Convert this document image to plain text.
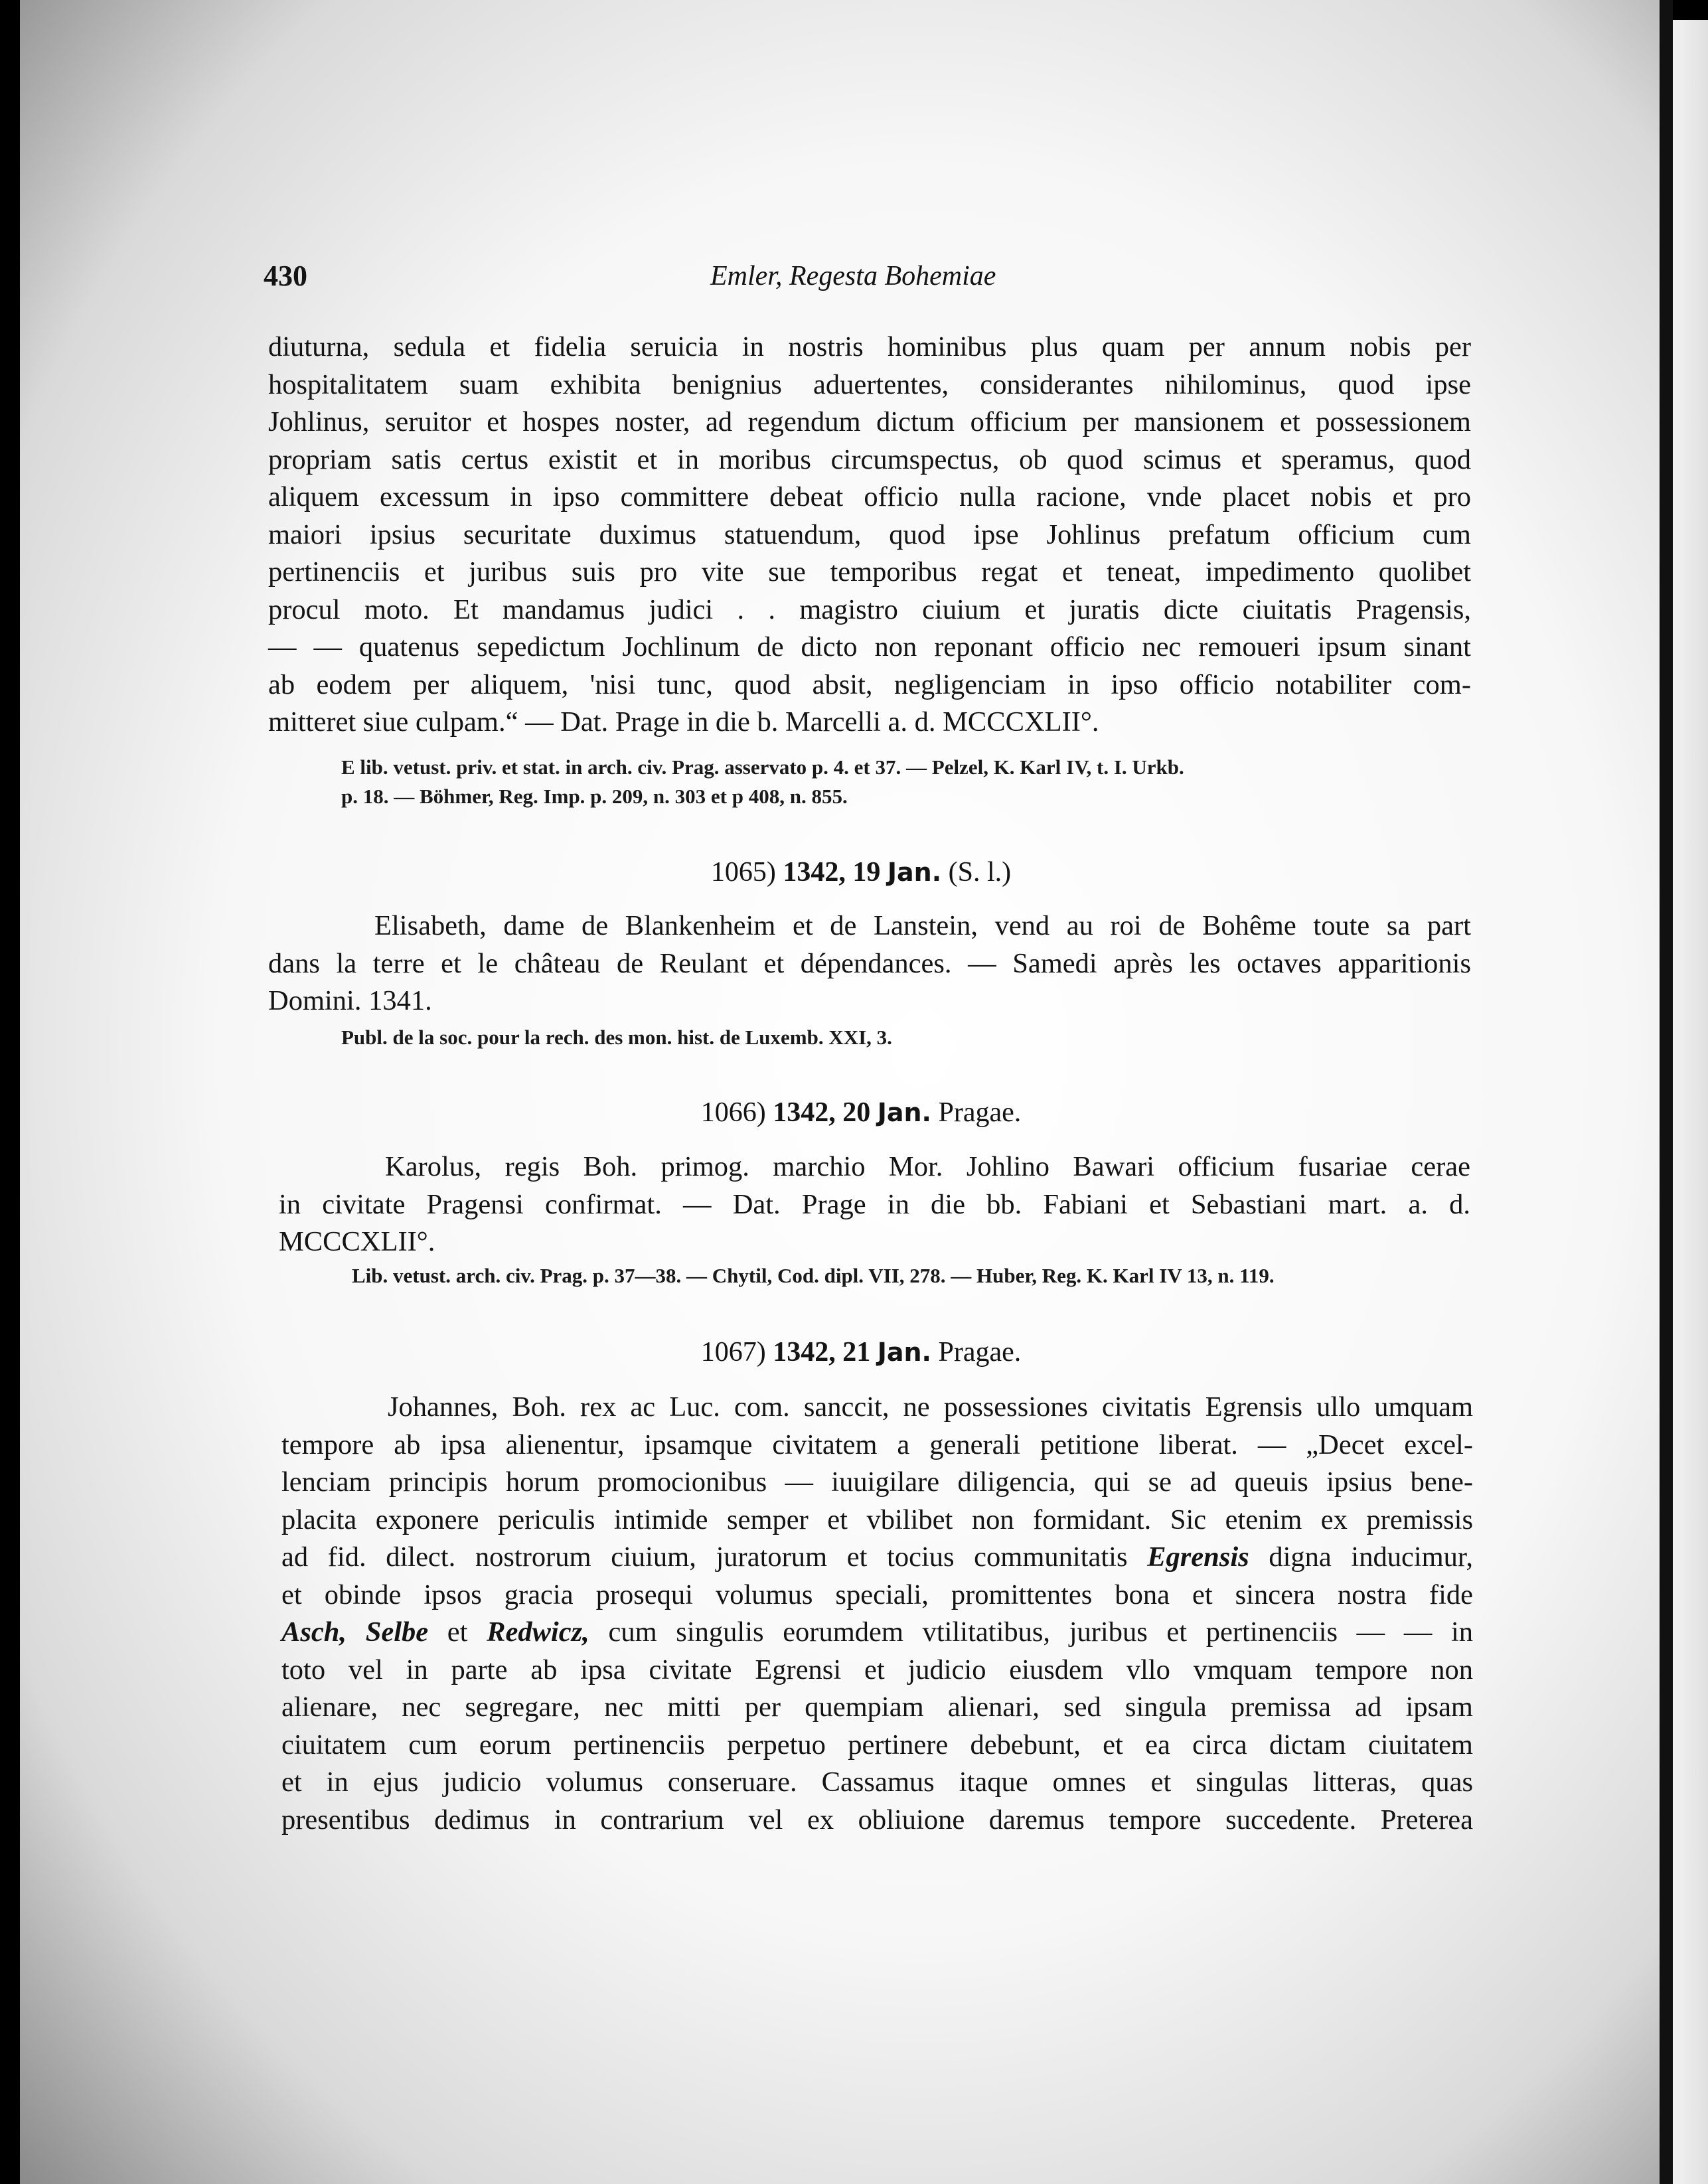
430	Emler, Regesta Bohemiae

diuturna, sedula et fidelia seruicia in nostris hominibus plus quam per annum nobis per
hospitalitatem suam exhibita benignius aduertentes, considerantes nihilominus, quod ipse
Johlinus, seruitor et hospes noster, ad regendum dictum officium per mansionem et possessionem
propriam satis certus existit et in moribus circumspectus, ob quod scimus et speramus, quod
aliquem excessum in ipso committere debeat officio nulla racione, vnde placet nobis et pro
maiori ipsius securitate duximus statuendum, quod ipse Johlinus prefatum officium cum
pertinenciis et juribus suis pro vite sue temporibus regat et teneat, impedimento quolibet
procul moto. Et mandamus judici . . magistro ciuium et juratis dicte ciuitatis Pragensis,
— — quatenus sepedictum Jochlinum de dicto non reponant officio nec remoueri ipsum sinant
ab eodem per aliquem, 'nisi tunc, quod absit, negligenciam in ipso officio notabiliter com-
mitteret siue culpam.“ — Dat. Prage in die b. Marcelli a. d. MCCCXLII°.

E lib. vetust. priv. et stat. in arch. civ. Prag. asservato p. 4. et 37. — Pelzel, K. Karl IV, t. I. Urkb.
p. 18. — Böhmer, Reg. Imp. p. 209, n. 303 et p 408, n. 855.
1065) 1342, 19 Jan. (S. l.)

Elisabeth, dame de Blankenheim et de Lanstein, vend au roi de Bohême toute sa part
dans la terre et le château de Reulant et dépendances. — Samedi après les octaves apparitionis
Domini. 1341.

Publ. de la soc. pour la rech. des mon. hist. de Luxemb. XXI, 3.
1066) 1342, 20 Jan. Pragae.

Karolus, regis Boh. primog. marchio Mor. Johlino Bawari officium fusariae cerae
in civitate Pragensi confirmat. — Dat. Prage in die bb. Fabiani et Sebastiani mart. a. d.
MCCCXLII°.

Lib. vetust. arch. civ. Prag. p. 37—38. — Chytil, Cod. dipl. VII, 278. — Huber, Reg. K. Karl IV 13, n. 119.
1067) 1342, 21 Jan. Pragae.

Johannes, Boh. rex ac Luc. com. sanccit, ne possessiones civitatis Egrensis ullo umquam
tempore ab ipsa alienentur, ipsamque civitatem a generali petitione liberat. — „Decet excel-
lenciam principis horum promocionibus — iuuigilare diligencia, qui se ad queuis ipsius bene-
placita exponere periculis intimide semper et vbilibet non formidant. Sic etenim ex premissis
ad fid. dilect. nostrorum ciuium, juratorum et tocius communitatis Egrensis digna inducimur,
et obinde ipsos gracia prosequi volumus speciali, promittentes bona et sincera nostra fide
Asch, Selbe et Redwicz, cum singulis eorumdem vtilitatibus, juribus et pertinenciis — — in
toto vel in parte ab ipsa civitate Egrensi et judicio eiusdem vllo vmquam tempore non
alienare, nec segregare, nec mitti per quempiam alienari, sed singula premissa ad ipsam
ciuitatem cum eorum pertinenciis perpetuo pertinere debebunt, et ea circa dictam ciuitatem
et in ejus judicio volumus conseruare. Cassamus itaque omnes et singulas litteras, quas
presentibus dedimus in contrarium vel ex obliuione daremus tempore succedente. Preterea
